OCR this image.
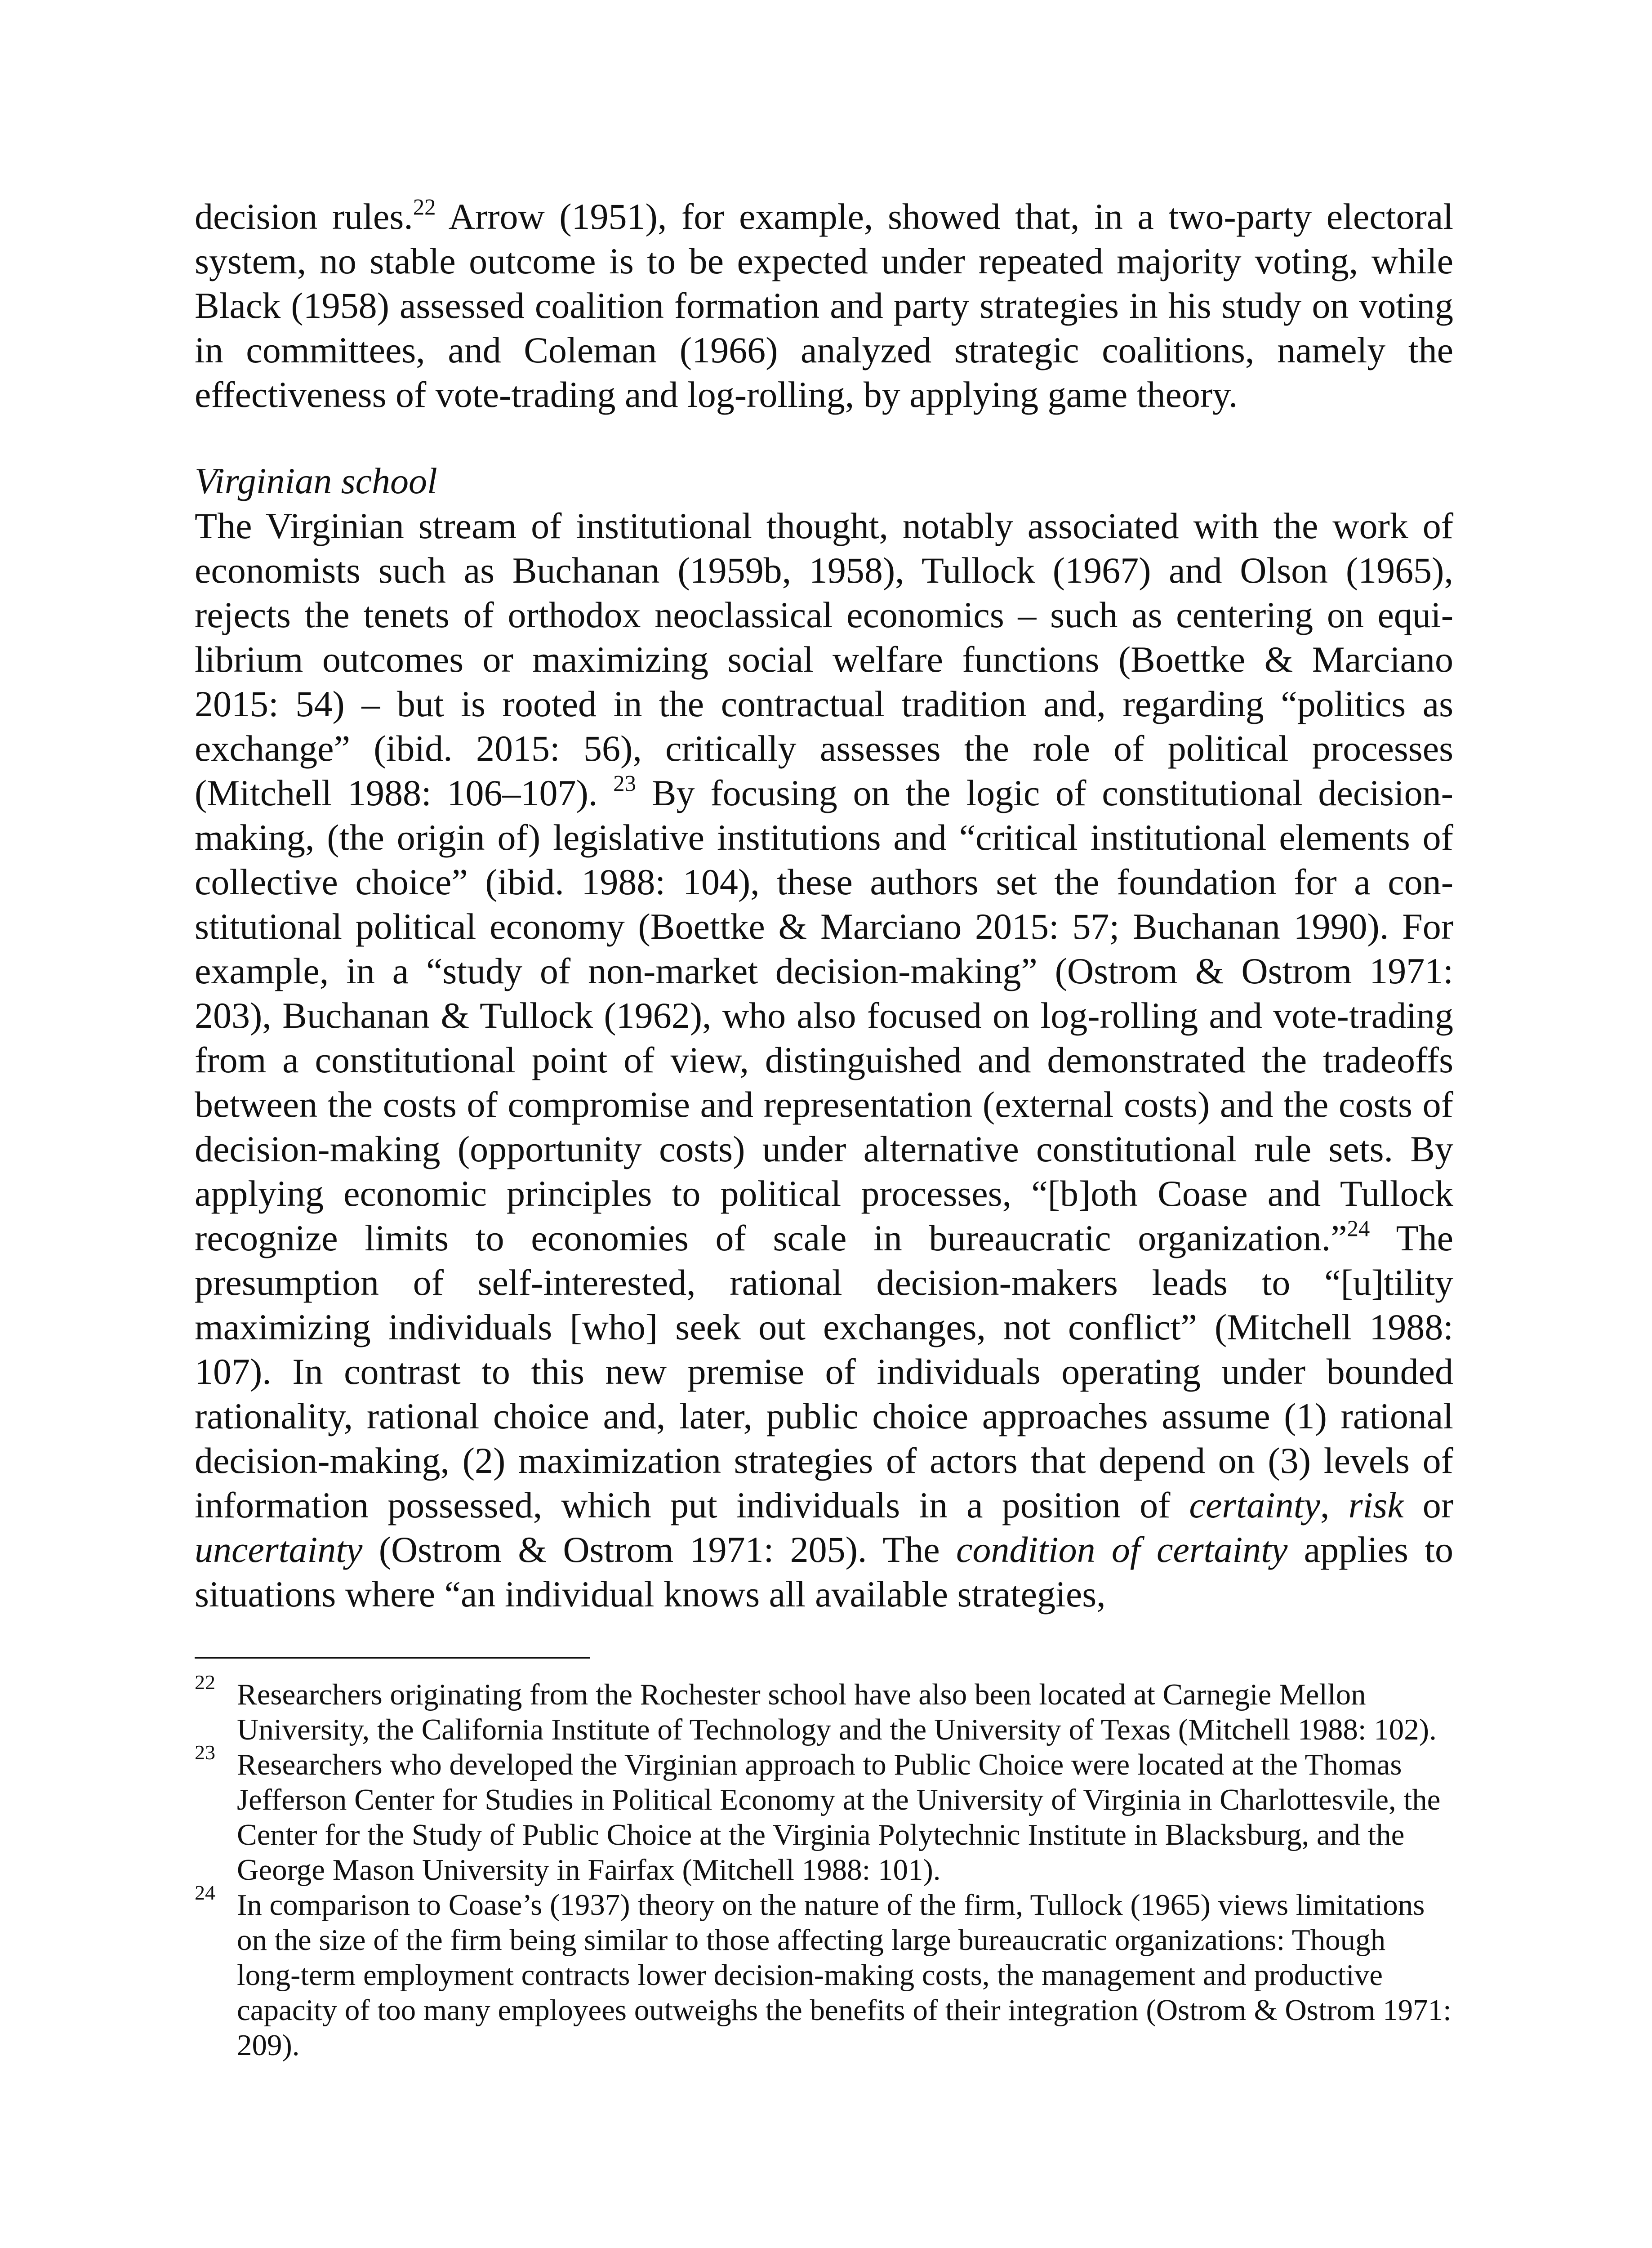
decision rules.$^{22}$ Arrow (1951), for example, showed that, in a two-party electoral system, no stable outcome is to be expected under repeated majority voting, while Black (1958) assessed coalition formation and party strategies in his study on voting in committees, and Coleman (1966) analyzed strategic coalitions, namely the effectiveness of vote-trading and log-rolling, by applying game theory.

Virginian school

The Virginian stream of institutional thought, notably associated with the work of economists such as Buchanan (1959b, 1958), Tullock (1967) and Olson (1965), rejects the tenets of orthodox neoclassical economics – such as centering on equilibrium outcomes or maximizing social welfare functions (Boettke & Marciano 2015: 54) – but is rooted in the contractual tradition and, regarding “politics as exchange” (ibid. 2015: 56), critically assesses the role of political processes (Mitchell 1988: 106–107). $^{23}$ By focusing on the logic of constitutional decision-making, (the origin of) legislative institutions and “critical institutional elements of collective choice” (ibid. 1988: 104), these authors set the foundation for a constitutional political economy (Boettke & Marciano 2015: 57; Buchanan 1990). For example, in a “study of non-market decision-making” (Ostrom & Ostrom 1971: 203), Buchanan & Tullock (1962), who also focused on log-rolling and vote-trading from a constitutional point of view, distinguished and demonstrated the tradeoffs between the costs of compromise and representation (external costs) and the costs of decision-making (opportunity costs) under alternative constitutional rule sets. By applying economic principles to political processes, “[b]oth Coase and Tullock recognize limits to economies of scale in bureaucratic organization.”$^{24}$ The presumption of self-interested, rational decision-makers leads to “[u]tility maximizing individuals [who] seek out exchanges, not conflict” (Mitchell 1988: 107). In contrast to this new premise of individuals operating under bounded rationality, rational choice and, later, public choice approaches assume (1) rational decision-making, (2) maximization strategies of actors that depend on (3) levels of information possessed, which put individuals in a position of certainty, risk or uncertainty (Ostrom & Ostrom 1971: 205). The condition of certainty applies to situations where “an individual knows all available strategies,

22 Researchers originating from the Rochester school have also been located at Carnegie Mellon University, the California Institute of Technology and the University of Texas (Mitchell 1988: 102).

23 Researchers who developed the Virginian approach to Public Choice were located at the Thomas Jefferson Center for Studies in Political Economy at the University of Virginia in Charlottesvile, the Center for the Study of Public Choice at the Virginia Polytechnic Institute in Blacksburg, and the George Mason University in Fairfax (Mitchell 1988: 101).

24 In comparison to Coase’s (1937) theory on the nature of the firm, Tullock (1965) views limitations on the size of the firm being similar to those affecting large bureaucratic organizations: Though long-term employment contracts lower decision-making costs, the management and productive capacity of too many employees outweighs the benefits of their integration (Ostrom & Ostrom 1971: 209).
